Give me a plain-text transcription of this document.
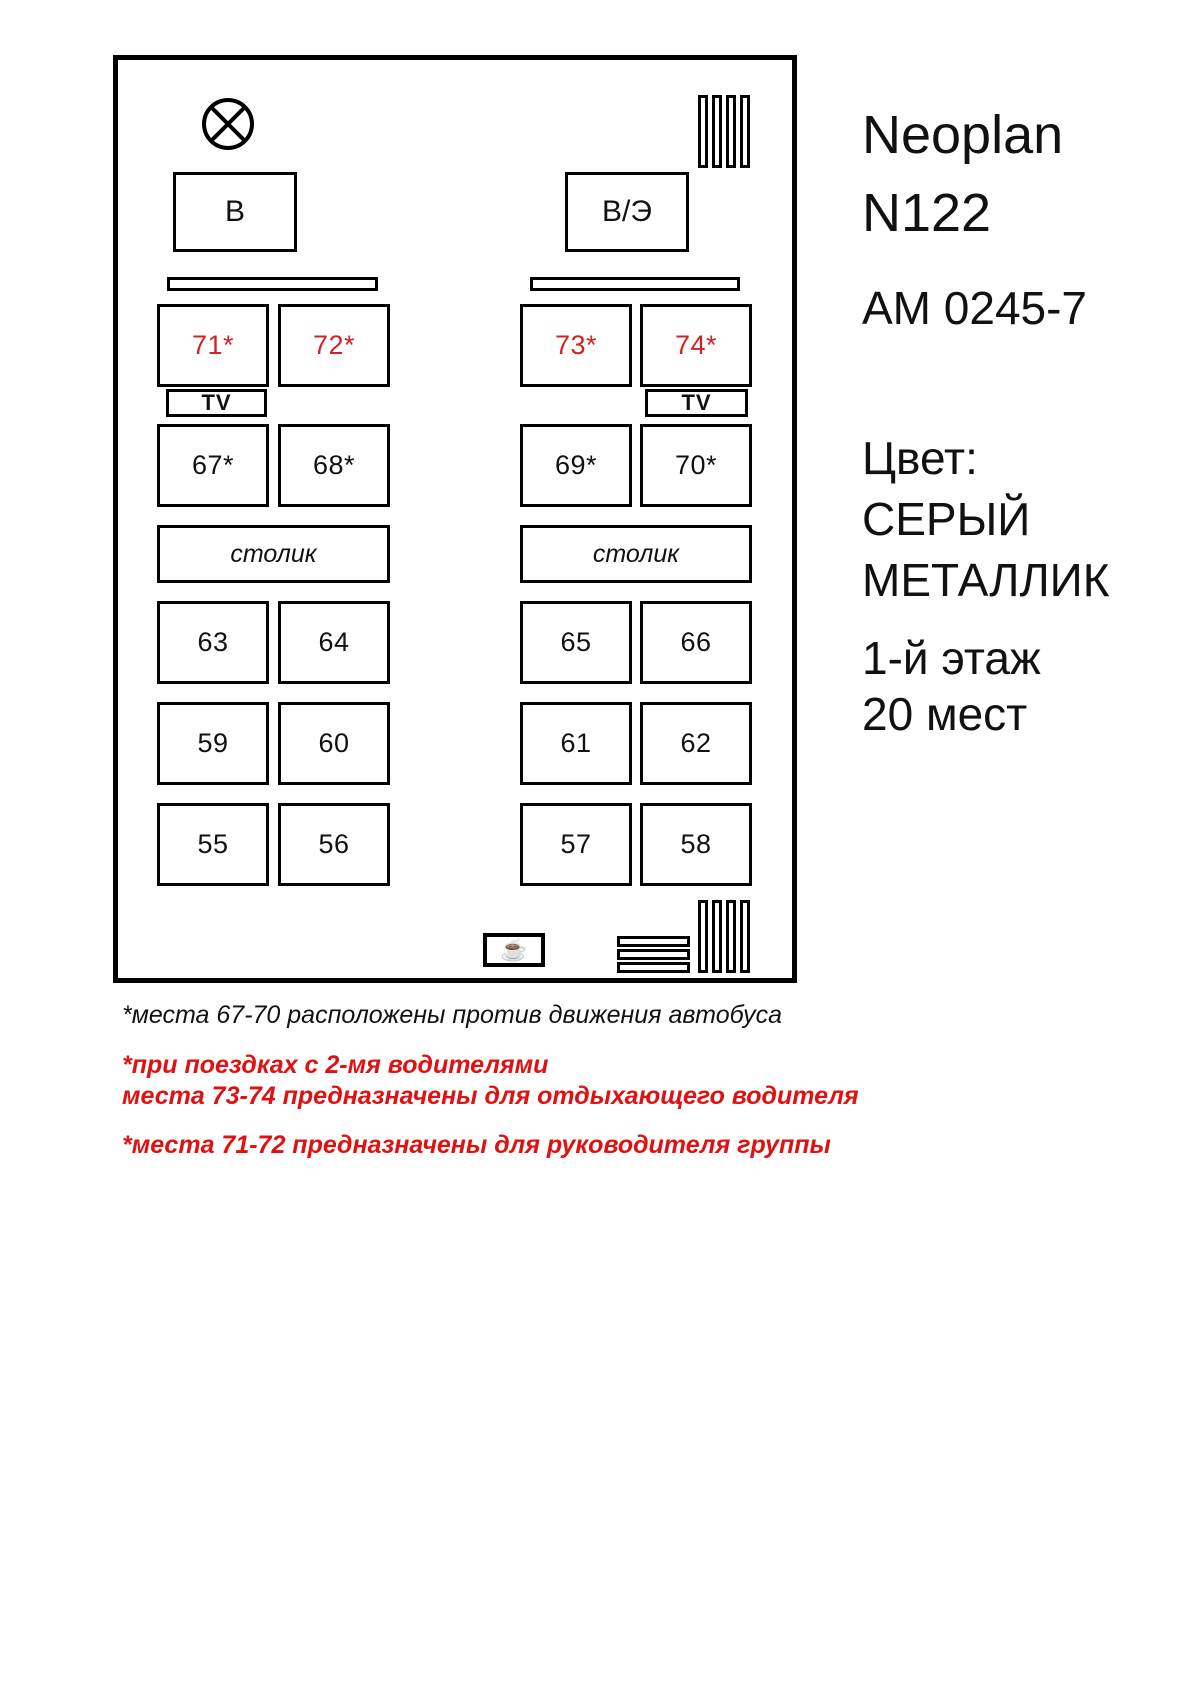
В	В/Э
71*	72*	73*	74*
TV	TV
67*	68*	69*	70*
столик	столик
63	64	65	66
59	60	61	62
55	56	57	58
☕
Neoplan
N122
АМ 0245-7
Цвет:
СЕРЫЙ
МЕТАЛЛИК
1-й этаж
20 мест
*места 67-70 расположены против движения автобуса
*при поездках с 2-мя водителями
места 73-74 предназначены для отдыхающего водителя
*места 71-72 предназначены для руководителя группы
